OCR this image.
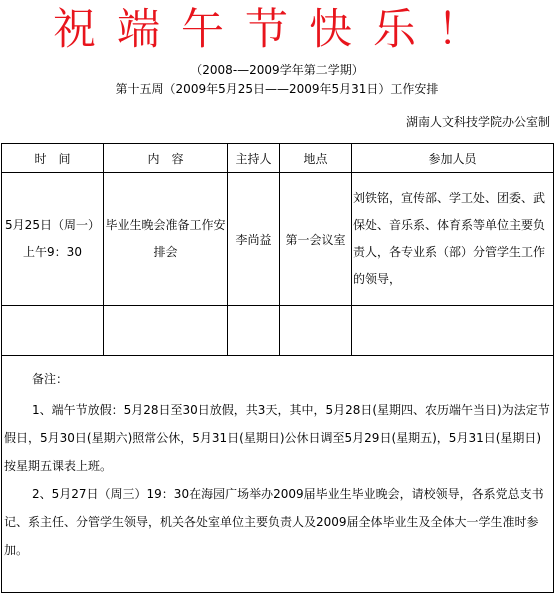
祝端午节快乐！
（2008-—2009学年第二学期）
第十五周（2009年5月25日——2009年5月31日）工作安排
湖南人文科技学院办公室制
时　间	内　容	主持人	地点	参加人员

5月25日（周一）
上午9：30	毕业生晚会准备工作安排会	李尚益	第一会议室	刘铁铭，宣传部、学工处、团委、武保处、音乐系、体育系等单位主要负责人，各专业系（部）分管学生工作的领导，

备注：
1、端午节放假：5月28日至30日放假，共3天，其中，5月28日(星期四、农历端午当日)为法定节假日，5月30日(星期六)照常公休，5月31日(星期日)公休日调至5月29日(星期五)，5月31日(星期日)按星期五课表上班。
2、5月27日（周三）19：30在海园广场举办2009届毕业生毕业晚会，请校领导，各系党总支书记、系主任、分管学生领导，机关各处室单位主要负责人及2009届全体毕业生及全体大一学生准时参加。				
